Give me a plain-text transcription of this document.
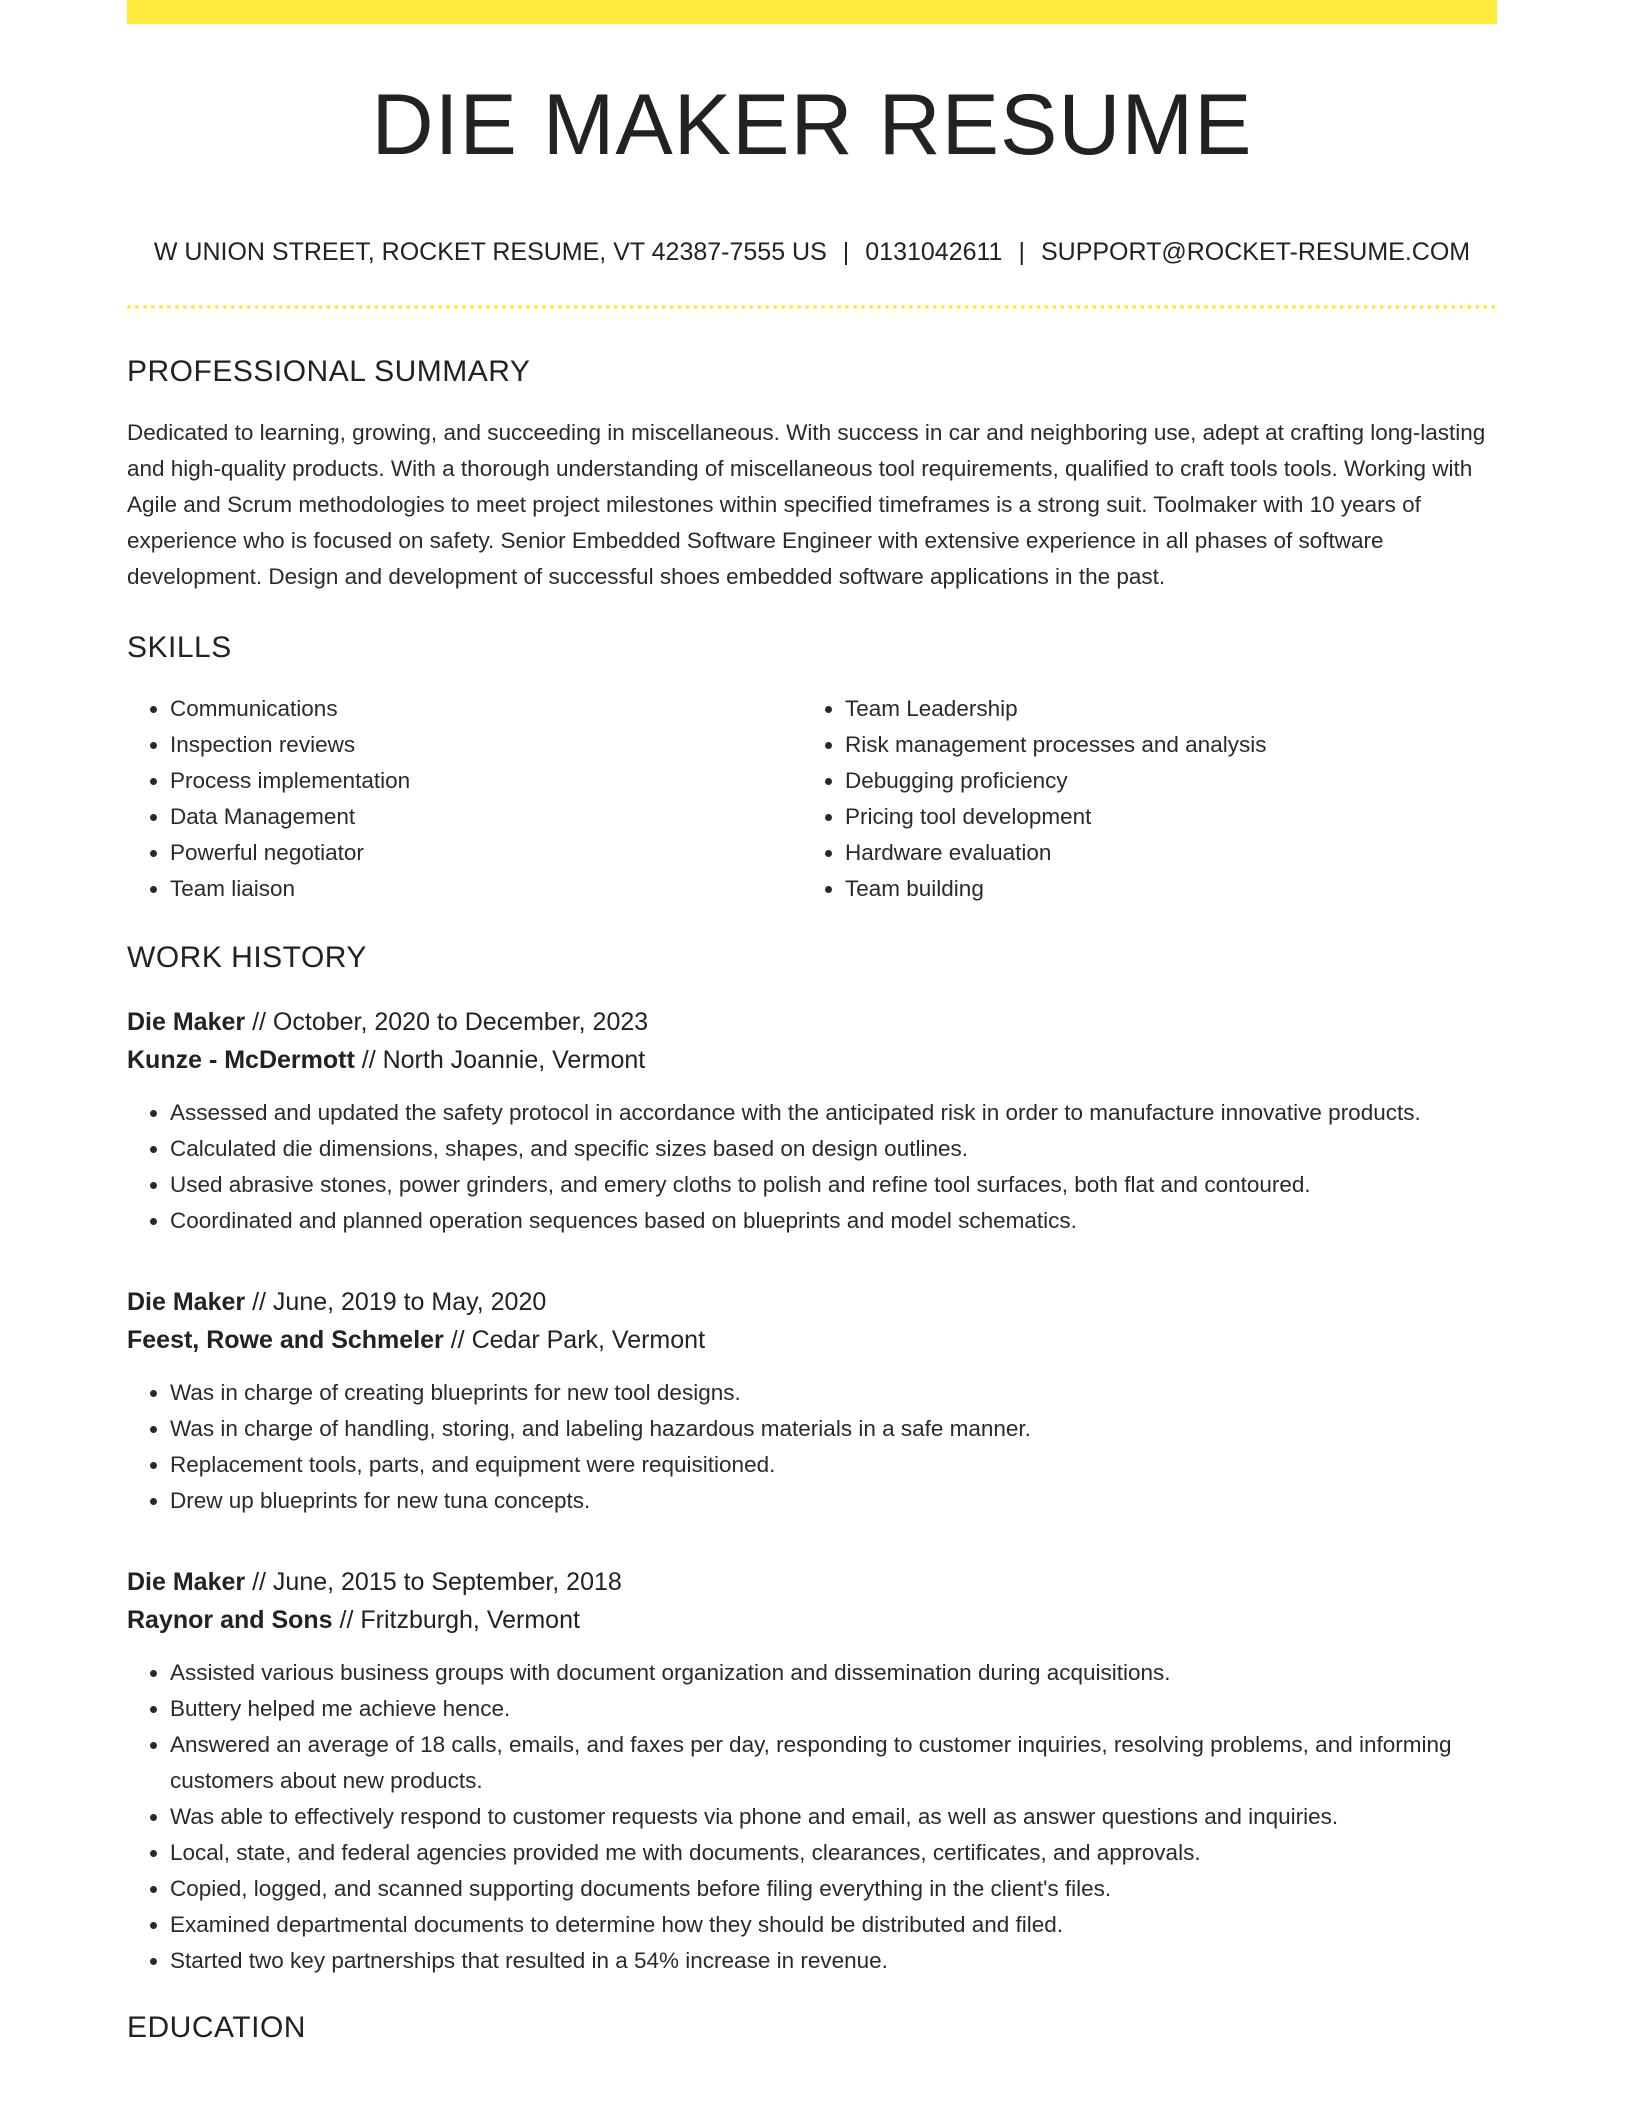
DIE MAKER RESUME
W UNION STREET, ROCKET RESUME, VT 42387-7555 US | 0131042611 | SUPPORT@ROCKET-RESUME.COM
PROFESSIONAL SUMMARY
Dedicated to learning, growing, and succeeding in miscellaneous. With success in car and neighboring use, adept at crafting long-lasting and high-quality products. With a thorough understanding of miscellaneous tool requirements, qualified to craft tools tools. Working with Agile and Scrum methodologies to meet project milestones within specified timeframes is a strong suit. Toolmaker with 10 years of experience who is focused on safety. Senior Embedded Software Engineer with extensive experience in all phases of software development. Design and development of successful shoes embedded software applications in the past.
SKILLS
• Communications
• Inspection reviews
• Process implementation
• Data Management
• Powerful negotiator
• Team liaison
• Team Leadership
• Risk management processes and analysis
• Debugging proficiency
• Pricing tool development
• Hardware evaluation
• Team building
WORK HISTORY
Die Maker // October, 2020 to December, 2023
Kunze - McDermott // North Joannie, Vermont
• Assessed and updated the safety protocol in accordance with the anticipated risk in order to manufacture innovative products.
• Calculated die dimensions, shapes, and specific sizes based on design outlines.
• Used abrasive stones, power grinders, and emery cloths to polish and refine tool surfaces, both flat and contoured.
• Coordinated and planned operation sequences based on blueprints and model schematics.
Die Maker // June, 2019 to May, 2020
Feest, Rowe and Schmeler // Cedar Park, Vermont
• Was in charge of creating blueprints for new tool designs.
• Was in charge of handling, storing, and labeling hazardous materials in a safe manner.
• Replacement tools, parts, and equipment were requisitioned.
• Drew up blueprints for new tuna concepts.
Die Maker // June, 2015 to September, 2018
Raynor and Sons // Fritzburgh, Vermont
• Assisted various business groups with document organization and dissemination during acquisitions.
• Buttery helped me achieve hence.
• Answered an average of 18 calls, emails, and faxes per day, responding to customer inquiries, resolving problems, and informing customers about new products.
• Was able to effectively respond to customer requests via phone and email, as well as answer questions and inquiries.
• Local, state, and federal agencies provided me with documents, clearances, certificates, and approvals.
• Copied, logged, and scanned supporting documents before filing everything in the client's files.
• Examined departmental documents to determine how they should be distributed and filed.
• Started two key partnerships that resulted in a 54% increase in revenue.
EDUCATION
